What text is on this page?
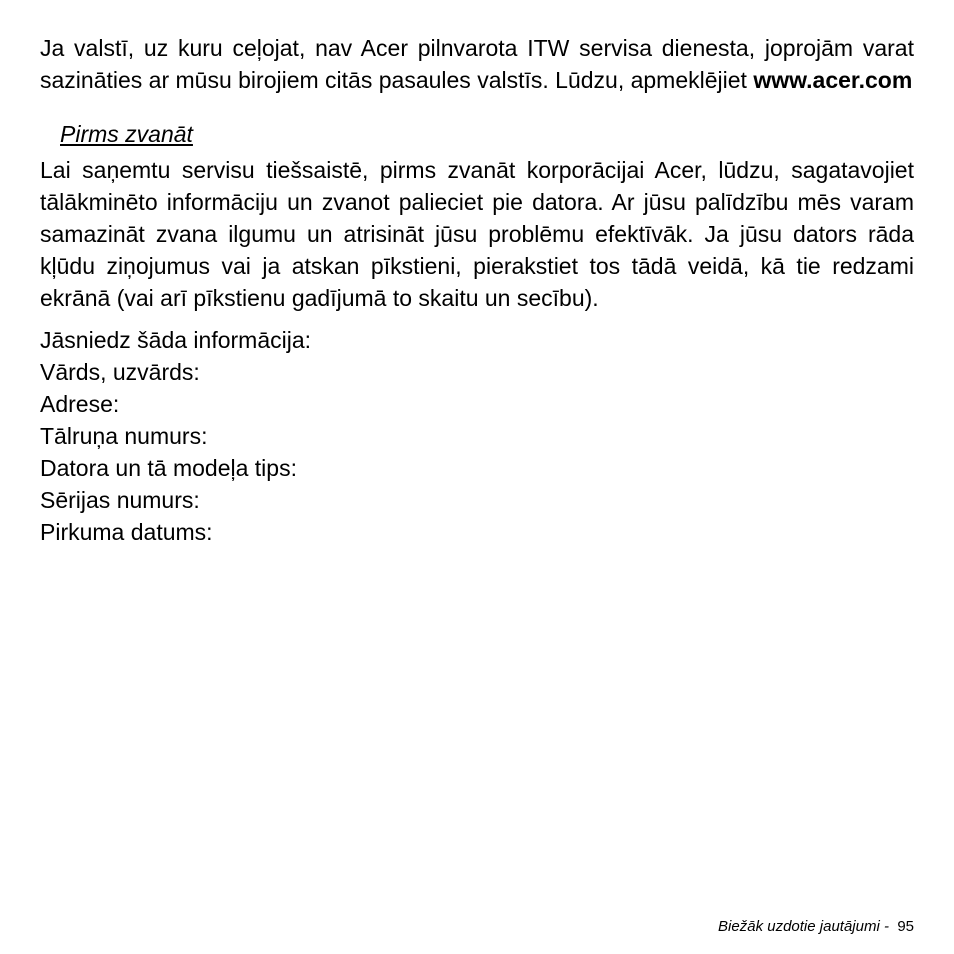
Ja valstī, uz kuru ceļojat, nav Acer pilnvarota ITW servisa dienesta, joprojām varat sazināties ar mūsu birojiem citās pasaules valstīs. Lūdzu, apmeklējiet www.acer.com

Pirms zvanāt

Lai saņemtu servisu tiešsaistē, pirms zvanāt korporācijai Acer, lūdzu, sagatavojiet tālākminēto informāciju un zvanot palieciet pie datora. Ar jūsu palīdzību mēs varam samazināt zvana ilgumu un atrisināt jūsu problēmu efektīvāk. Ja jūsu dators rāda kļūdu ziņojumus vai ja atskan pīkstieni, pierakstiet tos tādā veidā, kā tie redzami ekrānā (vai arī pīkstienu gadījumā to skaitu un secību).

Jāsniedz šāda informācija:
Vārds, uzvārds:
Adrese:
Tālruņa numurs:
Datora un tā modeļa tips:
Sērijas numurs:
Pirkuma datums:
Biežāk uzdotie jautājumi -  95
